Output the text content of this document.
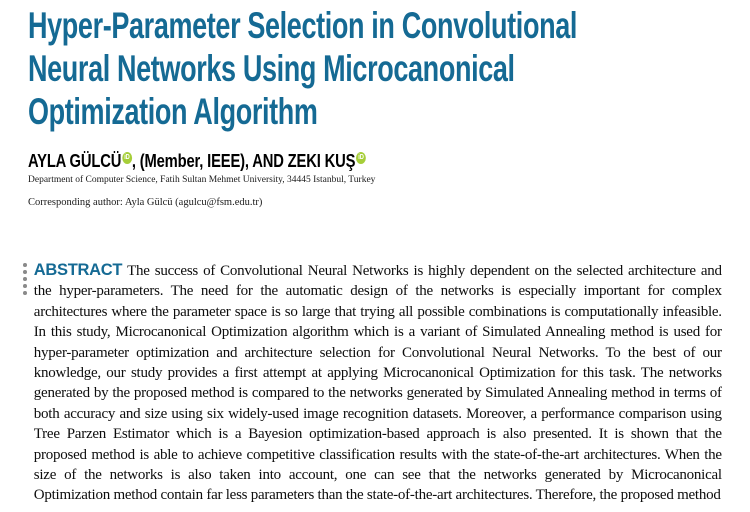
Hyper-Parameter Selection in Convolutional
Neural Networks Using Microcanonical
Optimization Algorithm
AYLA GÜLCÜ iD , (Member, IEEE), AND ZEKI KUŞ iD
Department of Computer Science, Fatih Sultan Mehmet University, 34445 Istanbul, Turkey
Corresponding author: Ayla Gülcü (agulcu@fsm.edu.tr)

ABSTRACT The success of Convolutional Neural Networks is highly dependent on the selected architecture and the hyper-parameters. The need for the automatic design of the networks is especially important for complex architectures where the parameter space is so large that trying all possible combinations is computationally infeasible. In this study, Microcanonical Optimization algorithm which is a variant of Simulated Annealing method is used for hyper-parameter optimization and architecture selection for Convolutional Neural Networks. To the best of our knowledge, our study provides a first attempt at applying Microcanonical Optimization for this task. The networks generated by the proposed method is compared to the networks generated by Simulated Annealing method in terms of both accuracy and size using six widely-used image recognition datasets. Moreover, a performance comparison using Tree Parzen Estimator which is a Bayesion optimization-based approach is also presented. It is shown that the proposed method is able to achieve competitive classification results with the state-of-the-art architectures. When the size of the networks is also taken into account, one can see that the networks generated by Microcanonical Optimization method contain far less parameters than the state-of-the-art architectures. Therefore, the proposed method
